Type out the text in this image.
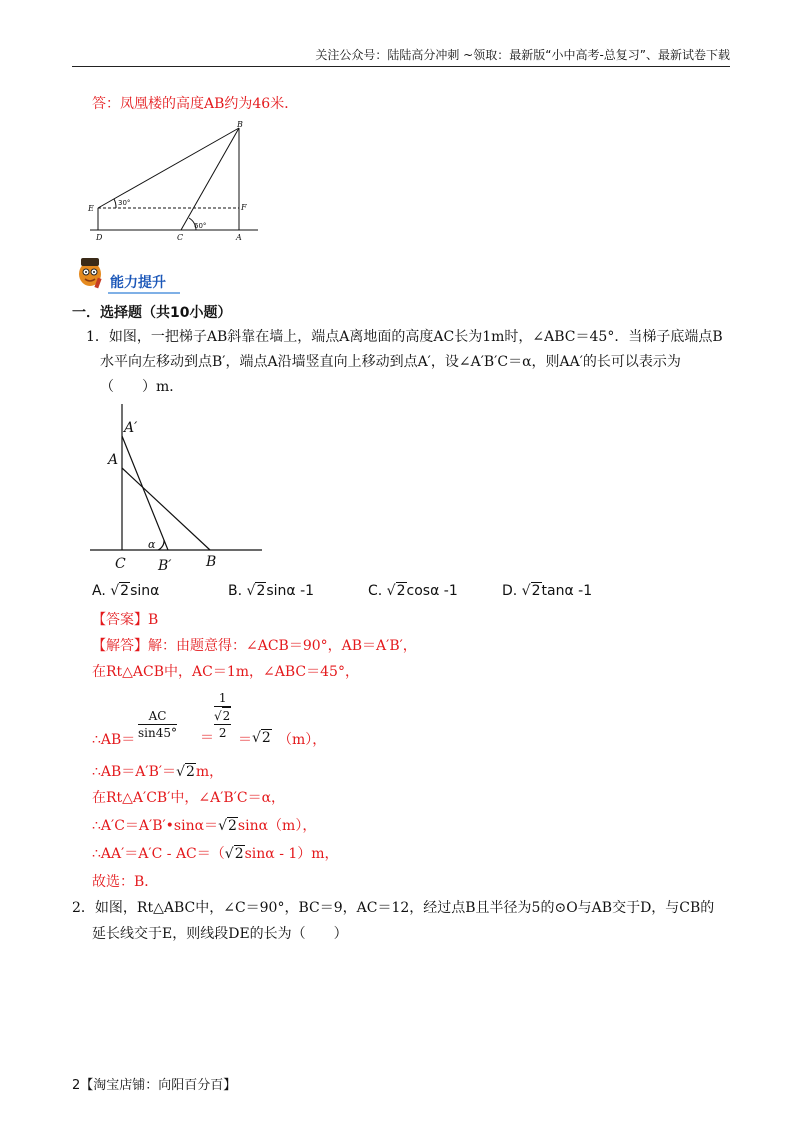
关注公众号：陆陆高分冲刺 ~领取：最新版“小中高考-总复习”、最新试卷下载
答：凤凰楼的高度AB约为46米．
B
E	F
D	C	A
30°
60°
能力提升
一．选择题（共10小题）
1．如图，一把梯子AB斜靠在墙上，端点A离地面的高度AC长为1m时，∠ABC＝45°．当梯子底端点B
水平向左移动到点B′，端点A沿墙竖直向上移动到点A′，设∠A′B′C＝α，则AA′的长可以表示为
（　　）m．
A′
A
C B′ B
α
A. √2sinα	B. √2sinα -1	C. √2cosα -1	D. √2tanα -1
【答案】B
【解答】解：由题意得：∠ACB＝90°，AB＝A′B′，
在Rt△ACB中，AC＝1m，∠ABC＝45°，
∴AB＝ $\frac{AC}{\sin 45^\circ}$ ＝
1
√2
2 ＝ √2 （m），
∴AB＝A′B′＝√2m，
在Rt△A′CB′中，∠A′B′C＝α，
∴A′C＝A′B′•sinα＝√2sinα（m），
∴AA′＝A′C - AC＝（√2sinα - 1）m，
故选：B．
2．如图，Rt△ABC中，∠C＝90°，BC＝9，AC＝12，经过点B且半径为5的⊙O与AB交于D，与CB的
延长线交于E，则线段DE的长为（　　）
2【淘宝店铺：向阳百分百】
